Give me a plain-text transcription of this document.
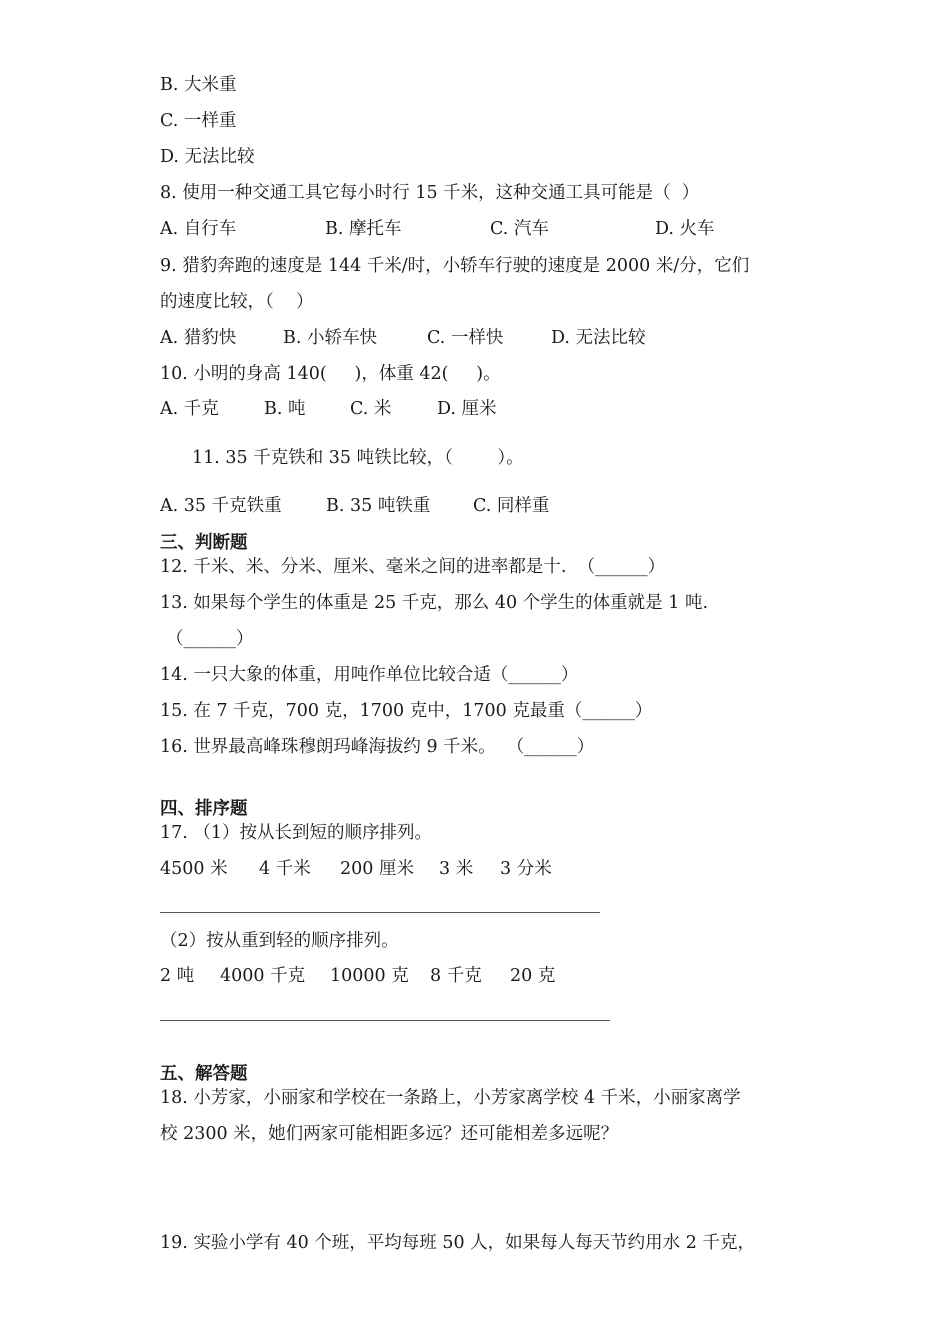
B. 大米重
C. 一样重
D. 无法比较
8. 使用一种交通工具它每小时行 15 千米，这种交通工具可能是（  ）
A. 自行车	B. 摩托车	C. 汽车	D. 火车
9. 猎豹奔跑的速度是 144 千米/时，小轿车行驶的速度是 2000 米/分，它们
的速度比较，（    ）
A. 猎豹快	B. 小轿车快	C. 一样快	D. 无法比较
10. 小明的身高 140(     )，体重 42(     )。
A. 千克	B. 吨	C. 米	D. 厘米
11. 35 千克铁和 35 吨铁比较，（        ）。
A. 35 千克铁重	B. 35 吨铁重 C. 同样重
三、判断题
12. 千米、米、分米、厘米、毫米之间的进率都是十.  （______）
13. 如果每个学生的体重是 25 千克，那么 40 个学生的体重就是 1 吨.
（______）
14. 一只大象的体重，用吨作单位比较合适（______）
15. 在 7 千克，700 克，1700 克中，1700 克最重（______）
16. 世界最高峰珠穆朗玛峰海拔约 9 千米。  （______）
四、排序题
17. （1）按从长到短的顺序排列。
4500 米 4 千米 200 厘米 3 米 3 分米
（2）按从重到轻的顺序排列。
2 吨 4000 千克 10000 克 8 千克 20 克
五、解答题
18. 小芳家，小丽家和学校在一条路上，小芳家离学校 4 千米，小丽家离学
校 2300 米，她们两家可能相距多远？还可能相差多远呢？
19. 实验小学有 40 个班，平均每班 50 人，如果每人每天节约用水 2 千克，
